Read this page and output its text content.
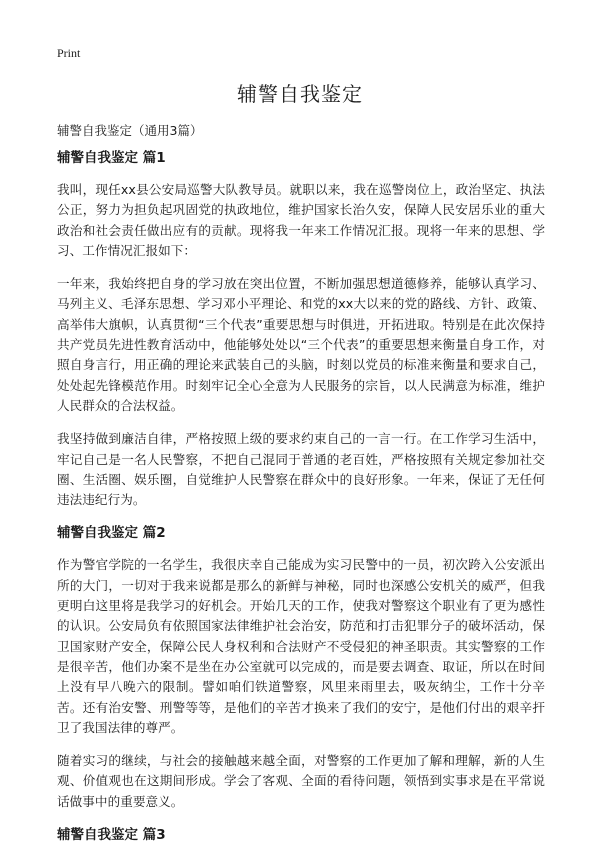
Print
辅警自我鉴定

辅警自我鉴定（通用3篇）

辅警自我鉴定 篇1

我叫，现任xx县公安局巡警大队教导员。就职以来，我在巡警岗位上，政治坚定、执法公正，努力为担负起巩固党的执政地位，维护国家长治久安，保障人民安居乐业的重大政治和社会责任做出应有的贡献。现将我一年来工作情况汇报。现将一年来的思想、学习、工作情况汇报如下：

一年来，我始终把自身的学习放在突出位置，不断加强思想道德修养，能够认真学习、马列主义、毛泽东思想、学习邓小平理论、和党的xx大以来的党的路线、方针、政策、高举伟大旗帜，认真贯彻“三个代表”重要思想与时俱进，开拓进取。特别是在此次保持共产党员先进性教育活动中，他能够处处以“三个代表”的重要思想来衡量自身工作，对照自身言行，用正确的理论来武装自己的头脑，时刻以党员的标准来衡量和要求自己，处处起先锋模范作用。时刻牢记全心全意为人民服务的宗旨，以人民满意为标准，维护人民群众的合法权益。

我坚持做到廉洁自律，严格按照上级的要求约束自己的一言一行。在工作学习生活中，牢记自己是一名人民警察，不把自己混同于普通的老百姓，严格按照有关规定参加社交圈、生活圈、娱乐圈，自觉维护人民警察在群众中的良好形象。一年来，保证了无任何违法违纪行为。

辅警自我鉴定 篇2

作为警官学院的一名学生，我很庆幸自己能成为实习民警中的一员，初次跨入公安派出所的大门，一切对于我来说都是那么的新鲜与神秘，同时也深感公安机关的威严，但我更明白这里将是我学习的好机会。开始几天的工作，使我对警察这个职业有了更为感性的认识。公安局负有依照国家法律维护社会治安，防范和打击犯罪分子的破坏活动，保卫国家财产安全，保障公民人身权利和合法财产不受侵犯的神圣职责。其实警察的工作是很辛苦，他们办案不是坐在办公室就可以完成的，而是要去调查、取证，所以在时间上没有早八晚六的限制。譬如咱们铁道警察，风里来雨里去，吸灰纳尘，工作十分辛苦。还有治安警、刑警等等，是他们的辛苦才换来了我们的安宁，是他们付出的艰辛扞卫了我国法律的尊严。

随着实习的继续，与社会的接触越来越全面，对警察的工作更加了解和理解，新的人生观、价值观也在这期间形成。学会了客观、全面的看待问题，领悟到实事求是在平常说话做事中的重要意义。

辅警自我鉴定 篇3
